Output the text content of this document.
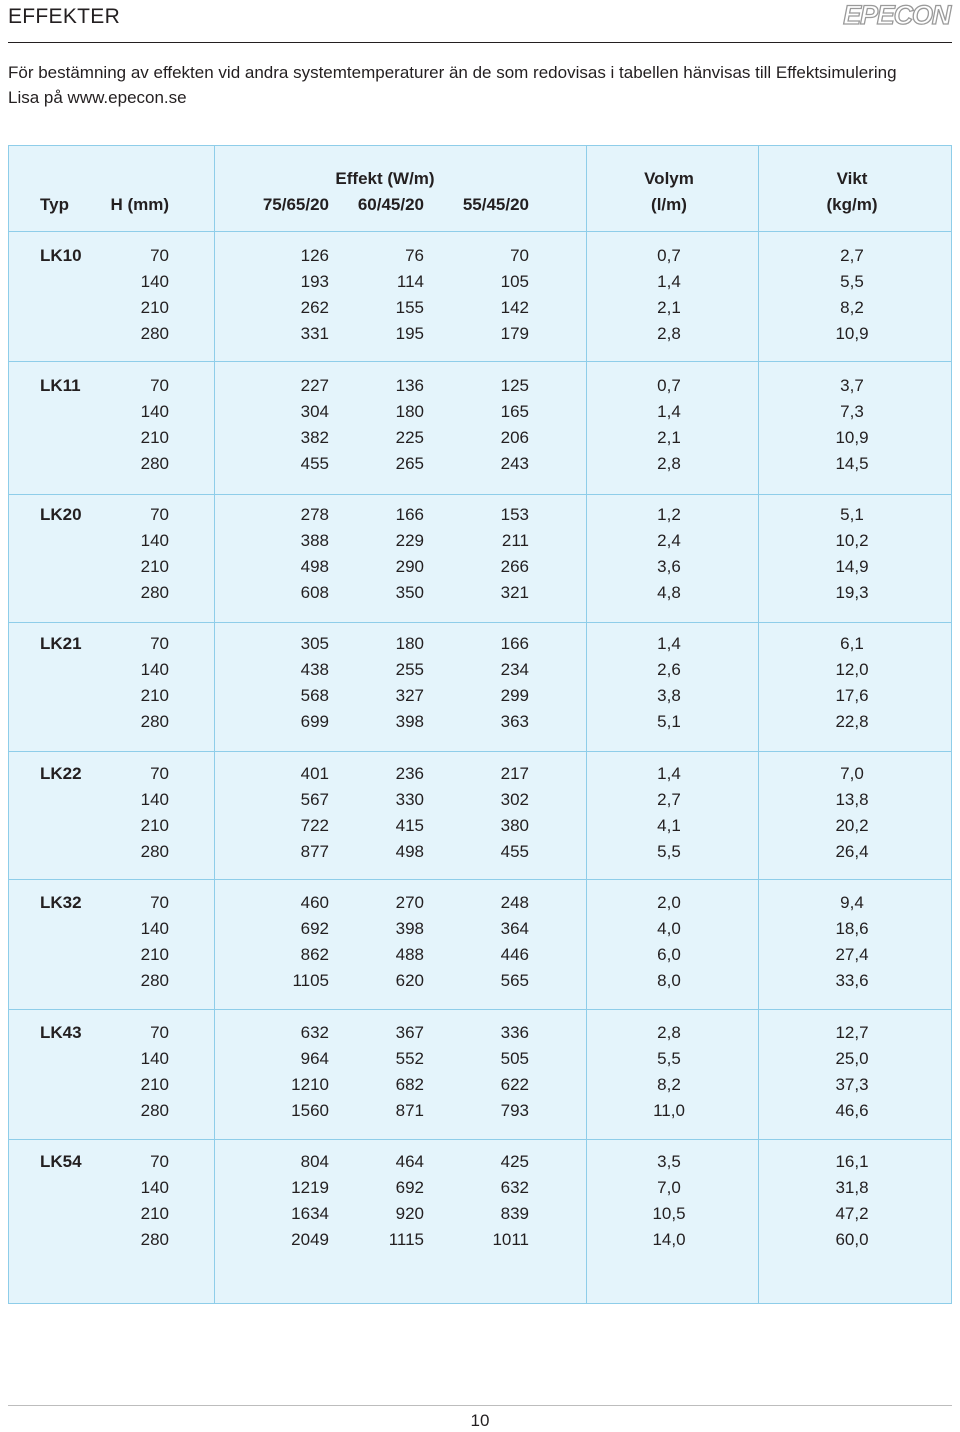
EFFEKTER	EPECON
För bestämning av effekten vid andra systemtemperaturer än de som redovisas i tabellen hänvisas till Effektsimulering Lisa på www.epecon.se
Typ	H (mm)
Effekt (W/m)
75/65/20	60/45/20	55/45/20
Volym
(l/m)
Vikt
(kg/m)
LK10	70	126	76	70	0,7	2,7
140	193	114	105	1,4	5,5
210	262	155	142	2,1	8,2
280	331	195	179	2,8	10,9
LK11	70	227	136	125	0,7	3,7
140	304	180	165	1,4	7,3
210	382	225	206	2,1	10,9
280	455	265	243	2,8	14,5
LK20	70	278	166	153	1,2	5,1
140	388	229	211	2,4	10,2
210	498	290	266	3,6	14,9
280	608	350	321	4,8	19,3
LK21	70	305	180	166	1,4	6,1
140	438	255	234	2,6	12,0
210	568	327	299	3,8	17,6
280	699	398	363	5,1	22,8
LK22	70	401	236	217	1,4	7,0
140	567	330	302	2,7	13,8
210	722	415	380	4,1	20,2
280	877	498	455	5,5	26,4
LK32	70	460	270	248	2,0	9,4
140	692	398	364	4,0	18,6
210	862	488	446	6,0	27,4
280	1105	620	565	8,0	33,6
LK43	70	632	367	336	2,8	12,7
140	964	552	505	5,5	25,0
210	1210	682	622	8,2	37,3
280	1560	871	793	11,0	46,6
LK54	70	804	464	425	3,5	16,1
140	1219	692	632	7,0	31,8
210	1634	920	839	10,5	47,2
280	2049	1115	1011	14,0	60,0
10
